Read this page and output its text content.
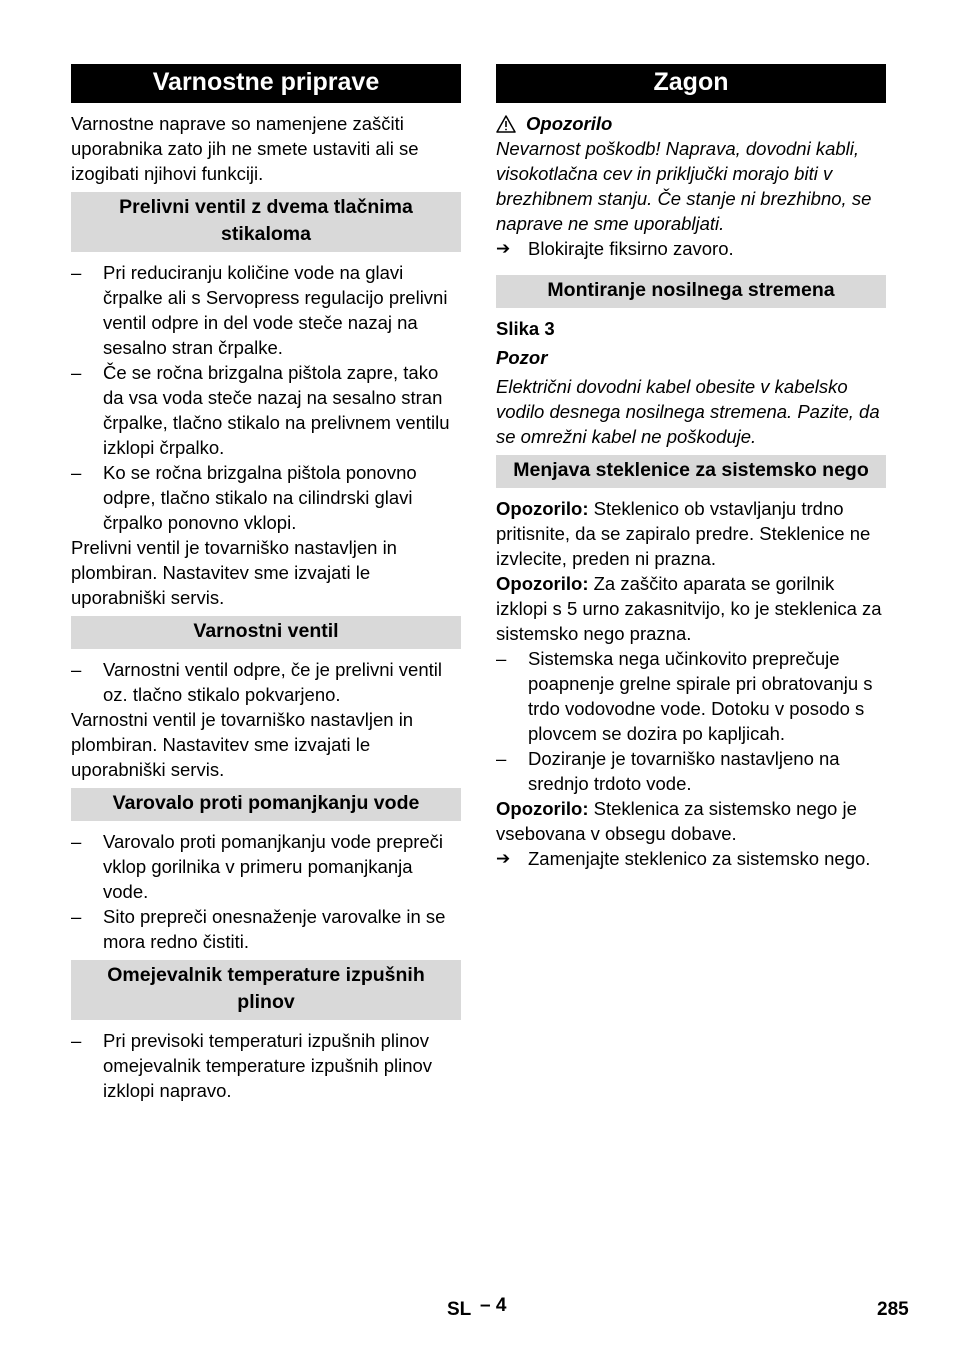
Varnostne priprave

Varnostne naprave so namenjene zaščiti uporabnika zato jih ne smete ustaviti ali se izogibati njihovi funkciji.

Prelivni ventil z dvema tlačnima stikaloma
–	Pri reduciranju količine vode na glavi črpalke ali s Servopress regulacijo prelivni ventil odpre in del vode steče nazaj na sesalno stran črpalke.
–	Če se ročna brizgalna pištola zapre, tako da vsa voda steče nazaj na sesalno stran črpalke, tlačno stikalo na prelivnem ventilu izklopi črpalko.
–	Ko se ročna brizgalna pištola ponovno odpre, tlačno stikalo na cilindrski glavi črpalko ponovno vklopi.

Prelivni ventil je tovarniško nastavljen in plombiran. Nastavitev sme izvajati le uporabniški servis.

Varnostni ventil
–	Varnostni ventil odpre, če je prelivni ventil oz. tlačno stikalo pokvarjeno.

Varnostni ventil je tovarniško nastavljen in plombiran. Nastavitev sme izvajati le uporabniški servis.

Varovalo proti pomanjkanju vode
–	Varovalo proti pomanjkanju vode prepreči vklop gorilnika v primeru pomanjkanja vode.
–	Sito prepreči onesnaženje varovalke in se mora redno čistiti.
Omejevalnik temperature izpušnih plinov
–	Pri previsoki temperaturi izpušnih plinov omejevalnik temperature izpušnih plinov izklopi napravo.
Zagon
Opozorilo

Nevarnost poškodb! Naprava, dovodni kabli, visokotlačna cev in priključki morajo biti v brezhibnem stanju. Če stanje ni brezhibno, se naprave ne sme uporabljati.

➔ Blokirajte fiksirno zavoro.
Montiranje nosilnega stremena

Slika 3

Pozor

Električni dovodni kabel obesite v kabelsko vodilo desnega nosilnega stremena. Pazite, da se omrežni kabel ne poškoduje.

Menjava steklenice za sistemsko nego

Opozorilo: Steklenico ob vstavljanju trdno pritisnite, da se zapiralo predre. Steklenice ne izvlecite, preden ni prazna.

Opozorilo: Za zaščito aparata se gorilnik izklopi s 5 urno zakasnitvijo, ko je steklenica za sistemsko nego prazna.

–	Sistemska nega učinkovito preprečuje poapnenje grelne spirale pri obratovanju s trdo vodovodne vode. Dotoku v posodo s plovcem se dozira po kapljicah.
–	Doziranje je tovarniško nastavljeno na srednjo trdoto vode.

Opozorilo: Steklenica za sistemsko nego je vsebovana v obsegu dobave.

➔ Zamenjajte steklenico za sistemsko nego.
SL – 4	285
